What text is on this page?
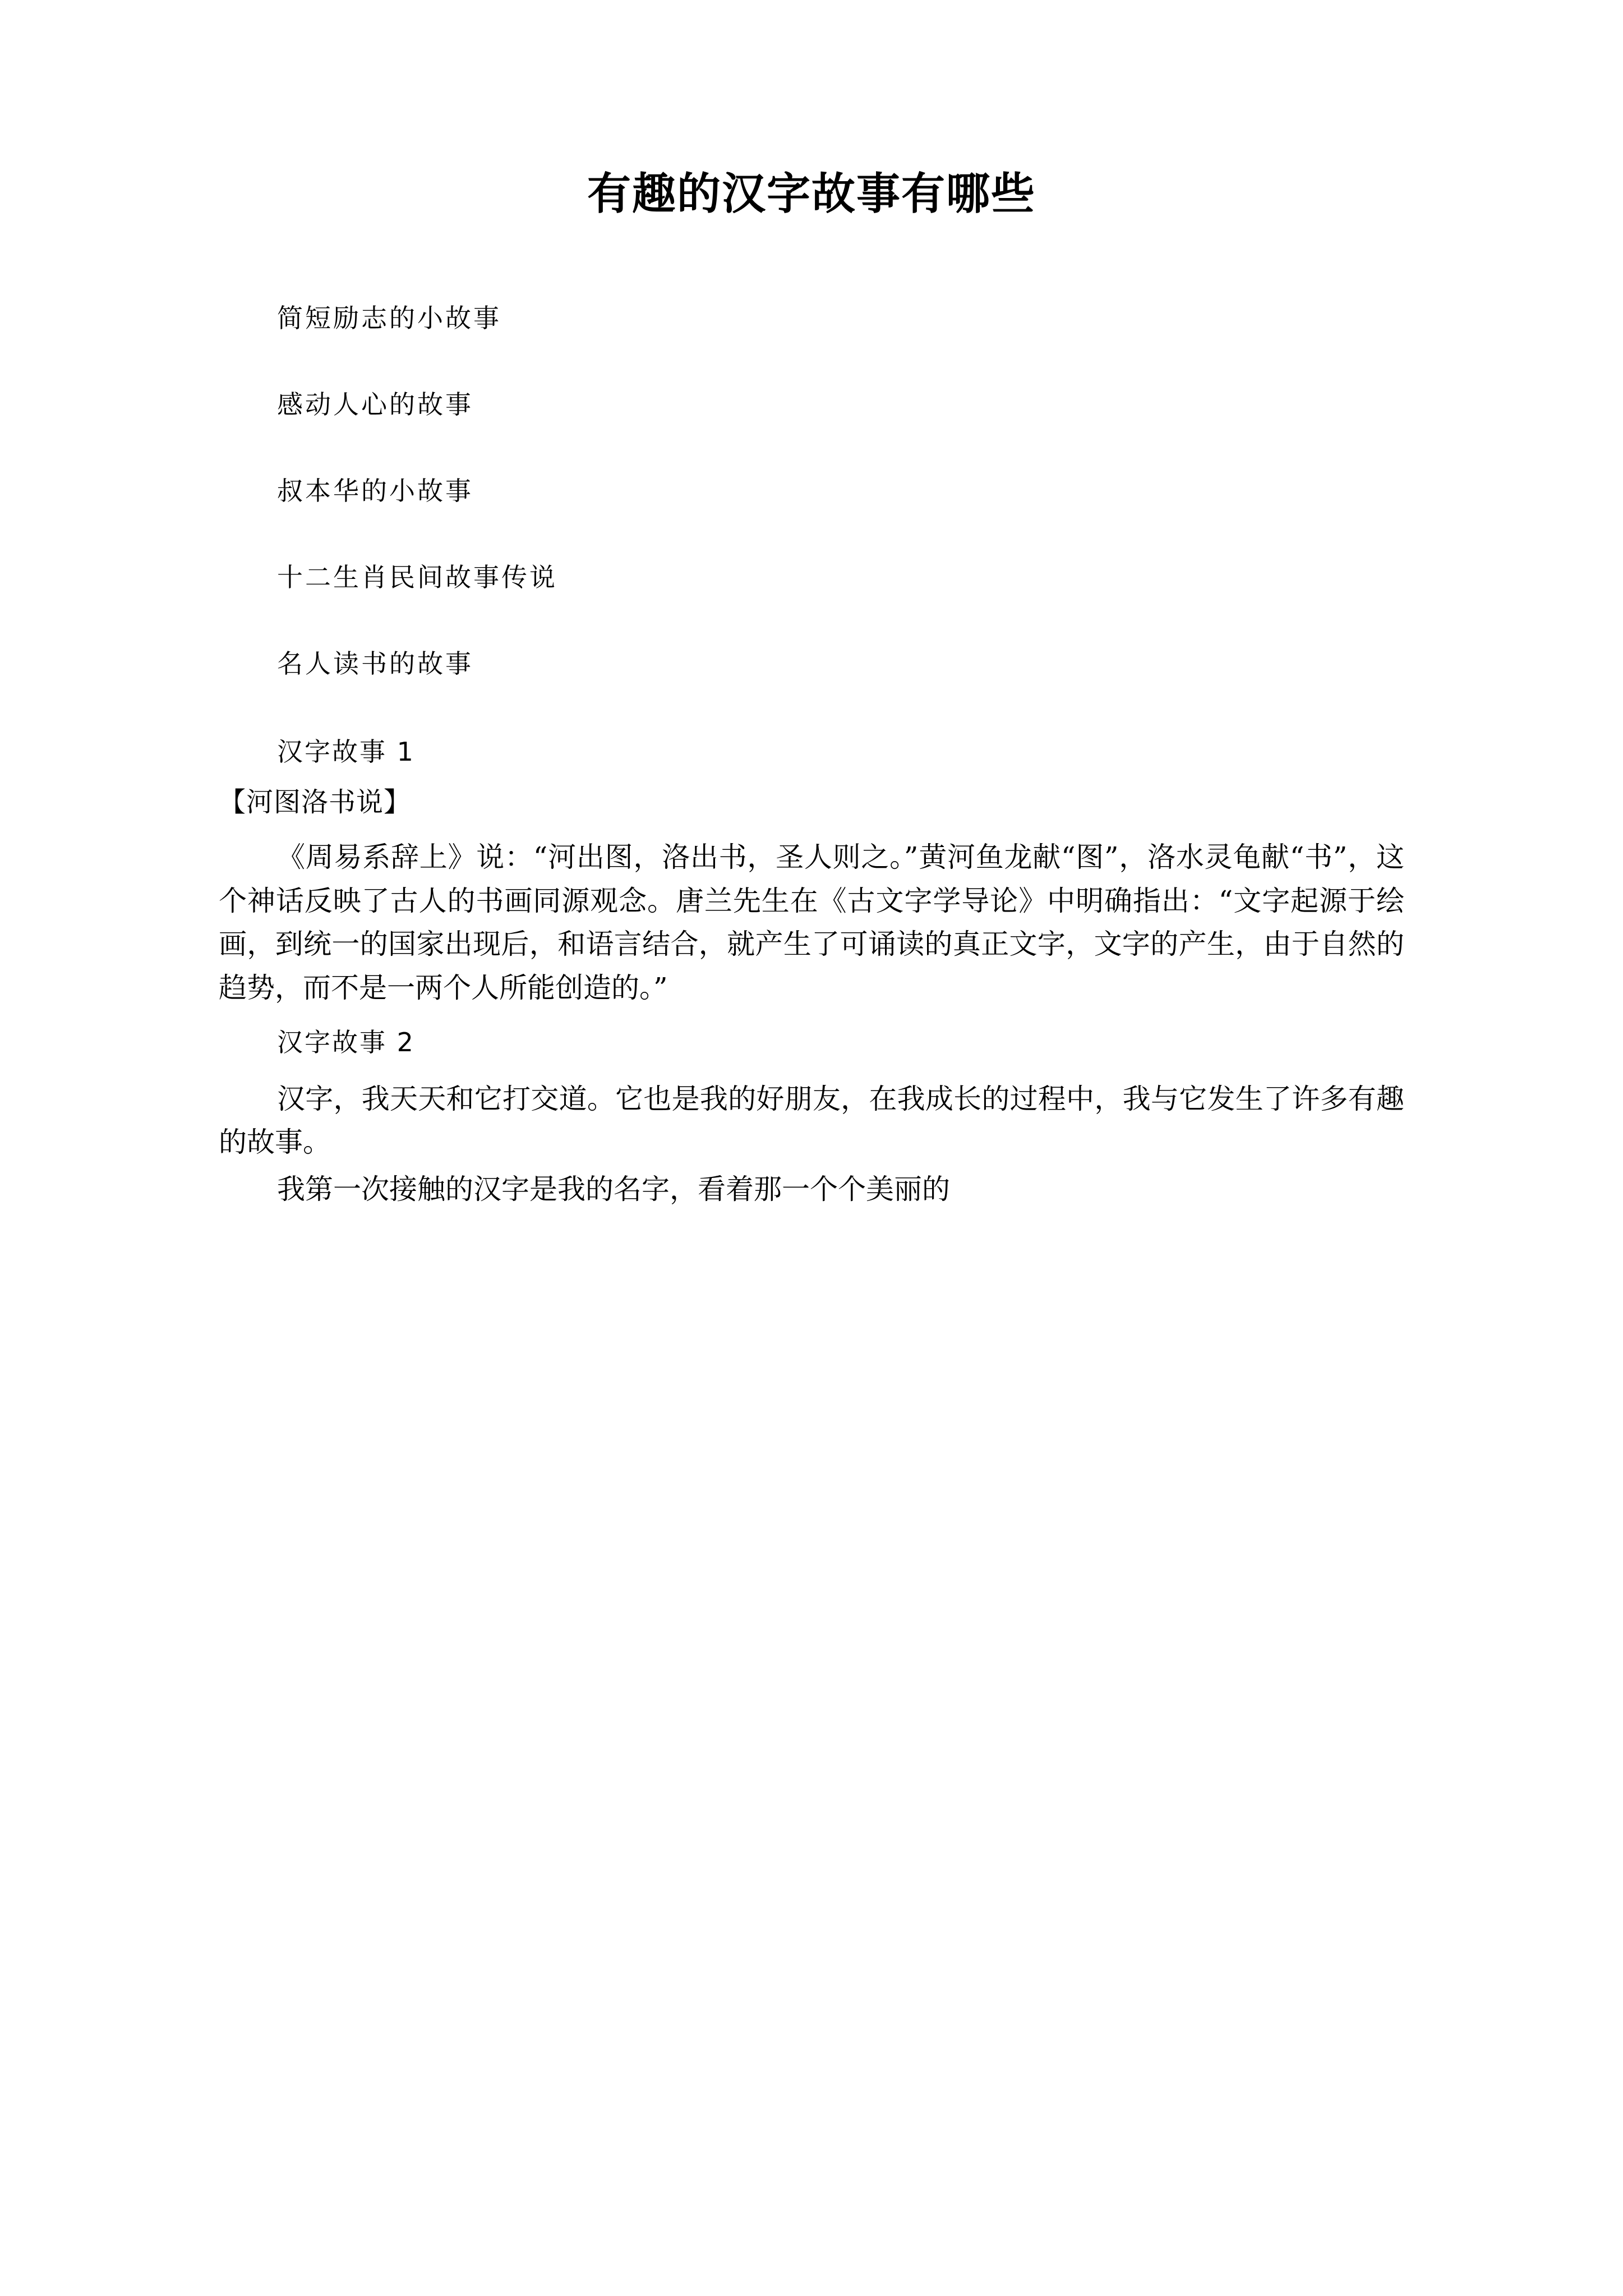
有趣的汉字故事有哪些
简短励志的小故事
感动人心的故事
叔本华的小故事
十二生肖民间故事传说
名人读书的故事
汉字故事 1
【河图洛书说】

《周易系辞上》说：“河出图，洛出书，圣人则之。”黄河鱼龙献“图”，洛水灵龟献“书”，这个神话反映了古人的书画同源观念。唐兰先生在《古文字学导论》中明确指出：“文字起源于绘画，到统一的国家出现后，和语言结合，就产生了可诵读的真正文字，文字的产生，由于自然的趋势，而不是一两个人所能创造的。”

汉字故事 2

汉字，我天天和它打交道。它也是我的好朋友，在我成长的过程中，我与它发生了许多有趣的故事。

我第一次接触的汉字是我的名字，看着那一个个美丽的
